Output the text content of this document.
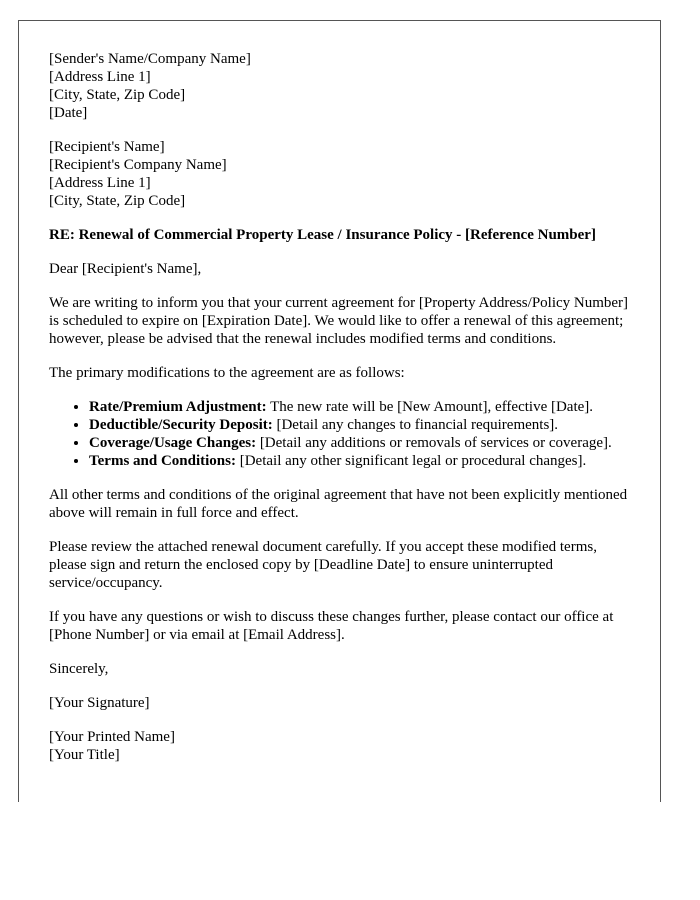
[Sender's Name/Company Name]
[Address Line 1]
[City, State, Zip Code]
[Date]
[Recipient's Name]
[Recipient's Company Name]
[Address Line 1]
[City, State, Zip Code]
RE: Renewal of Commercial Property Lease / Insurance Policy - [Reference Number]

Dear [Recipient's Name],

We are writing to inform you that your current agreement for [Property Address/Policy Number] is scheduled to expire on [Expiration Date]. We would like to offer a renewal of this agreement; however, please be advised that the renewal includes modified terms and conditions.

The primary modifications to the agreement are as follows:

• Rate/Premium Adjustment: The new rate will be [New Amount], effective [Date].
• Deductible/Security Deposit: [Detail any changes to financial requirements].
• Coverage/Usage Changes: [Detail any additions or removals of services or coverage].
• Terms and Conditions: [Detail any other significant legal or procedural changes].

All other terms and conditions of the original agreement that have not been explicitly mentioned above will remain in full force and effect.

Please review the attached renewal document carefully. If you accept these modified terms, please sign and return the enclosed copy by [Deadline Date] to ensure uninterrupted service/occupancy.

If you have any questions or wish to discuss these changes further, please contact our office at [Phone Number] or via email at [Email Address].

Sincerely,

[Your Signature]

[Your Printed Name]
[Your Title]
